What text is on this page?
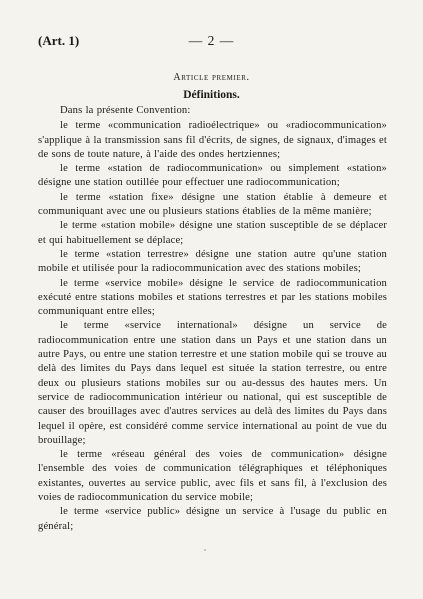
(Art. 1)	— 2 —
Article premier.
Définitions.

Dans la présente Convention:

le terme «communication radioélectrique» ou «radiocommunication» s'applique à la transmission sans fil d'écrits, de signes, de signaux, d'images et de sons de toute nature, à l'aide des ondes hertziennes;

le terme «station de radiocommunication» ou simplement «station» désigne une station outillée pour effectuer une radiocommunication;

le terme «station fixe» désigne une station établie à demeure et communiquant avec une ou plusieurs stations établies de la même manière;

le terme «station mobile» désigne une station susceptible de se déplacer et qui habituellement se déplace;

le terme «station terrestre» désigne une station autre qu'une station mobile et utilisée pour la radiocommunication avec des stations mobiles;

le terme «service mobile» désigne le service de radiocommunication exécuté entre stations mobiles et stations terrestres et par les stations mobiles communiquant entre elles;

le terme «service international» désigne un service de radiocommunication entre une station dans un Pays et une station dans un autre Pays, ou entre une station terrestre et une station mobile qui se trouve au delà des limites du Pays dans lequel est située la station terrestre, ou entre deux ou plusieurs stations mobiles sur ou au-dessus des hautes mers. Un service de radiocommunication intérieur ou national, qui est susceptible de causer des brouillages avec d'autres services au delà des limites du Pays dans lequel il opère, est considéré comme service international au point de vue du brouillage;

le terme «réseau général des voies de communication» désigne l'ensemble des voies de communication télégraphiques et téléphoniques existantes, ouvertes au service public, avec fils et sans fil, à l'exclusion des voies de radiocommunication du service mobile;

le terme «service public» désigne un service à l'usage du public en général;
